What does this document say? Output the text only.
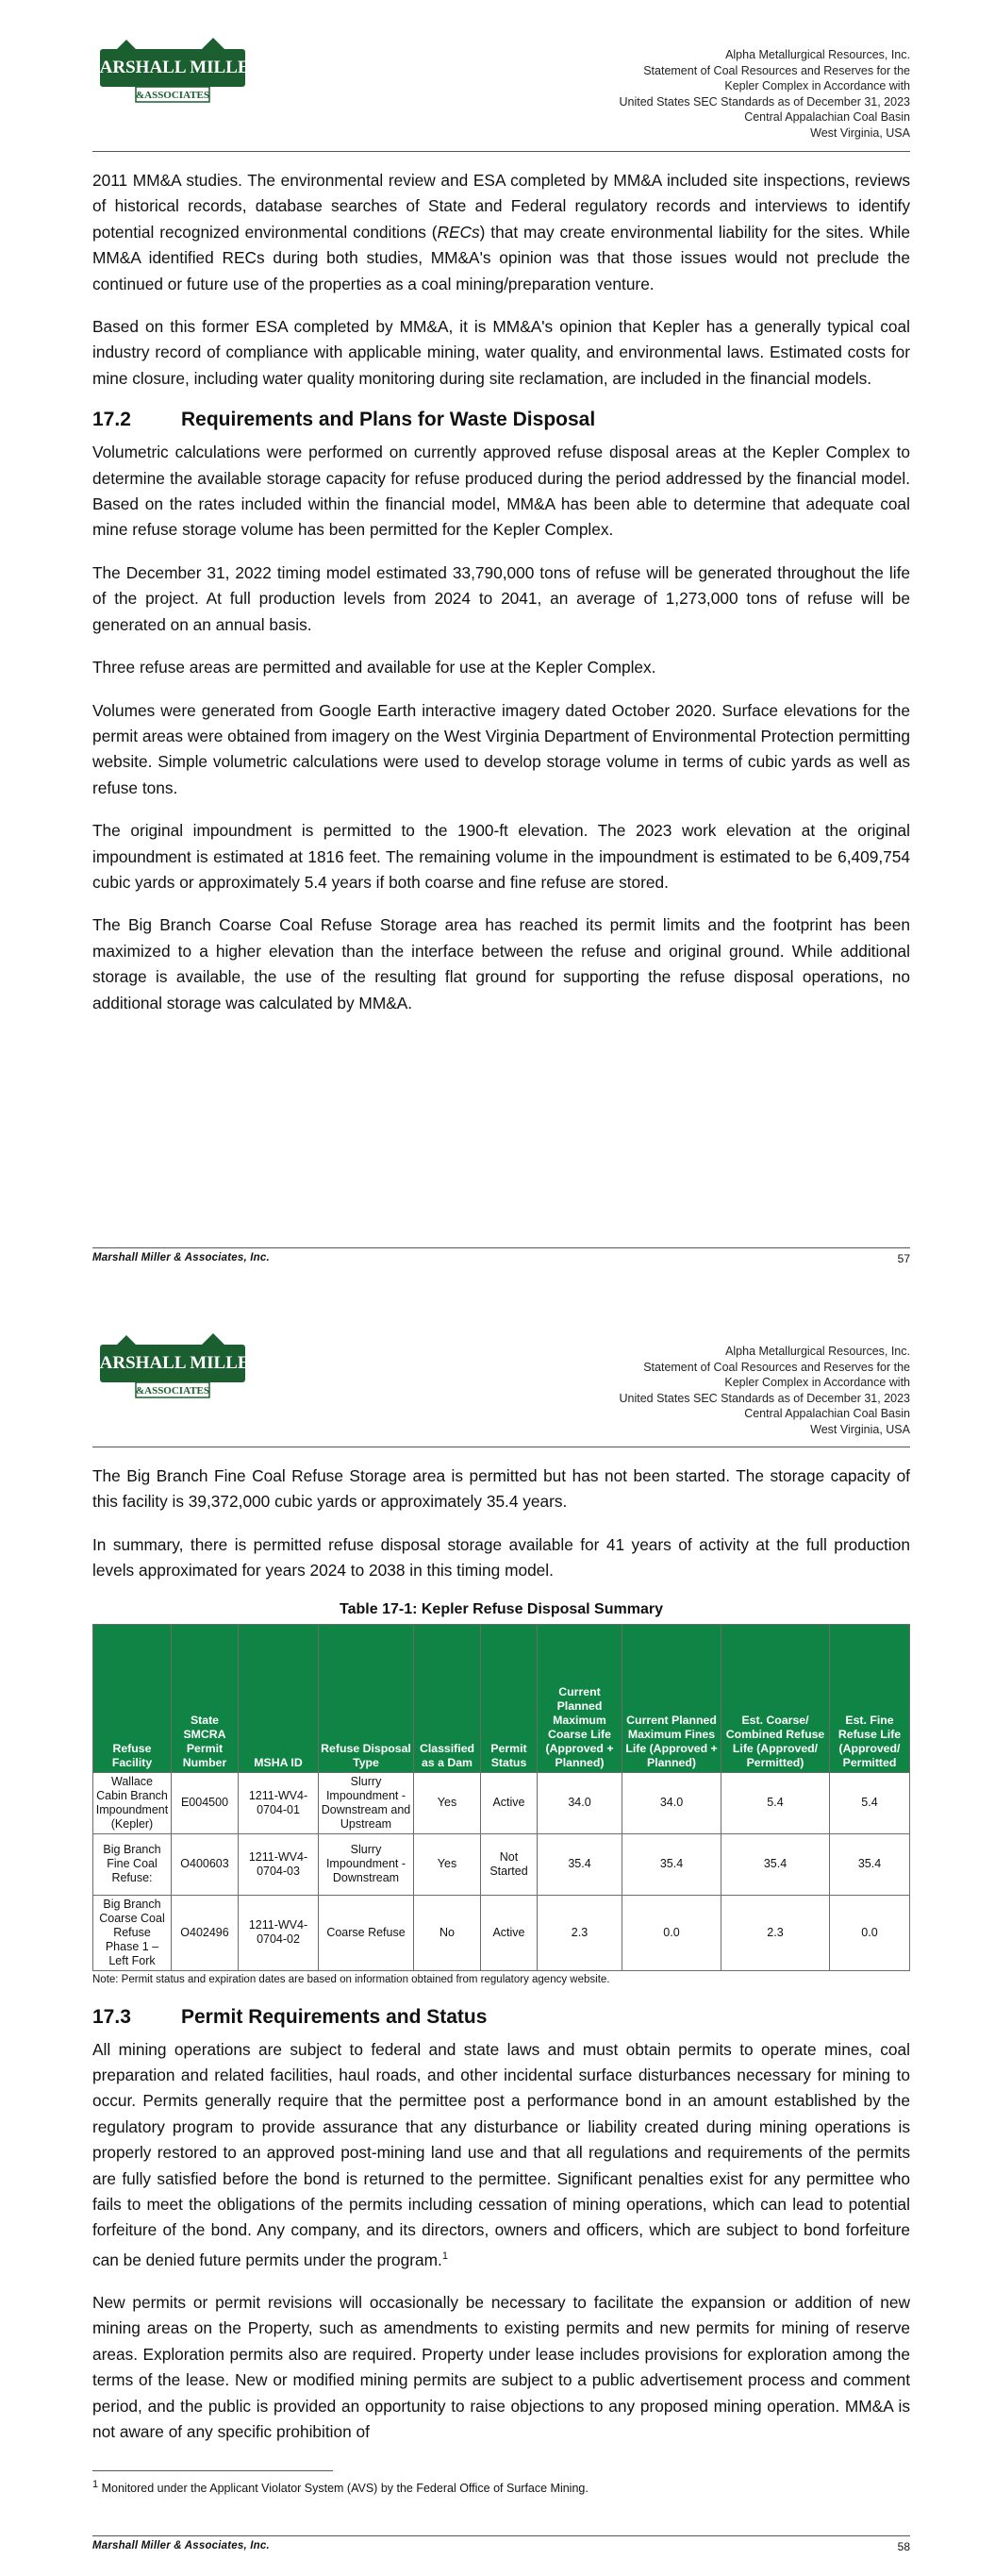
MARSHALL MILLER
&ASSOCIATES
Alpha Metallurgical Resources, Inc.
Statement of Coal Resources and Reserves for the
Kepler Complex in Accordance with
United States SEC Standards as of December 31, 2023
Central Appalachian Coal Basin
West Virginia, USA

2011 MM&A studies. The environmental review and ESA completed by MM&A included site inspections, reviews of historical records, database searches of State and Federal regulatory records and interviews to identify potential recognized environmental conditions (RECs) that may create environmental liability for the sites. While MM&A identified RECs during both studies, MM&A's opinion was that those issues would not preclude the continued or future use of the properties as a coal mining/preparation venture.

Based on this former ESA completed by MM&A, it is MM&A's opinion that Kepler has a generally typical coal industry record of compliance with applicable mining, water quality, and environmental laws. Estimated costs for mine closure, including water quality monitoring during site reclamation, are included in the financial models.

17.2	Requirements and Plans for Waste Disposal

Volumetric calculations were performed on currently approved refuse disposal areas at the Kepler Complex to determine the available storage capacity for refuse produced during the period addressed by the financial model. Based on the rates included within the financial model, MM&A has been able to determine that adequate coal mine refuse storage volume has been permitted for the Kepler Complex.

The December 31, 2022 timing model estimated 33,790,000 tons of refuse will be generated throughout the life of the project. At full production levels from 2024 to 2041, an average of 1,273,000 tons of refuse will be generated on an annual basis.

Three refuse areas are permitted and available for use at the Kepler Complex.

Volumes were generated from Google Earth interactive imagery dated October 2020. Surface elevations for the permit areas were obtained from imagery on the West Virginia Department of Environmental Protection permitting website. Simple volumetric calculations were used to develop storage volume in terms of cubic yards as well as refuse tons.

The original impoundment is permitted to the 1900-ft elevation. The 2023 work elevation at the original impoundment is estimated at 1816 feet. The remaining volume in the impoundment is estimated to be 6,409,754 cubic yards or approximately 5.4 years if both coarse and fine refuse are stored.

The Big Branch Coarse Coal Refuse Storage area has reached its permit limits and the footprint has been maximized to a higher elevation than the interface between the refuse and original ground. While additional storage is available, the use of the resulting flat ground for supporting the refuse disposal operations, no additional storage was calculated by MM&A.

Marshall Miller & Associates, Inc.	57
MARSHALL MILLER
&ASSOCIATES
Alpha Metallurgical Resources, Inc.
Statement of Coal Resources and Reserves for the
Kepler Complex in Accordance with
United States SEC Standards as of December 31, 2023
Central Appalachian Coal Basin
West Virginia, USA

The Big Branch Fine Coal Refuse Storage area is permitted but has not been started. The storage capacity of this facility is 39,372,000 cubic yards or approximately 35.4 years.

In summary, there is permitted refuse disposal storage available for 41 years of activity at the full production levels approximated for years 2024 to 2038 in this timing model.

Table 17-1: Kepler Refuse Disposal Summary
Refuse Facility	State SMCRA Permit Number	MSHA ID	Refuse Disposal Type	Classified as a Dam	Permit Status	Current Planned Maximum Coarse Life (Approved + Planned)	Current Planned Maximum Fines Life (Approved + Planned)	Est. Coarse/ Combined Refuse Life (Approved/ Permitted)	Est. Fine Refuse Life (Approved/ Permitted
Wallace Cabin Branch Impoundment (Kepler)	E004500	1211-WV4-0704-01	Slurry Impoundment - Downstream and Upstream	Yes	Active	34.0	34.0	5.4	5.4
Big Branch Fine Coal Refuse:	O400603	1211-WV4-0704-03	Slurry Impoundment - Downstream	Yes	Not Started	35.4	35.4	35.4	35.4
Big Branch Coarse Coal Refuse Phase 1 – Left Fork	O402496	1211-WV4-0704-02	Coarse Refuse	No	Active	2.3	0.0	2.3	0.0
Note: Permit status and expiration dates are based on information obtained from regulatory agency website.
17.3	Permit Requirements and Status

All mining operations are subject to federal and state laws and must obtain permits to operate mines, coal preparation and related facilities, haul roads, and other incidental surface disturbances necessary for mining to occur. Permits generally require that the permittee post a performance bond in an amount established by the regulatory program to provide assurance that any disturbance or liability created during mining operations is properly restored to an approved post-mining land use and that all regulations and requirements of the permits are fully satisfied before the bond is returned to the permittee. Significant penalties exist for any permittee who fails to meet the obligations of the permits including cessation of mining operations, which can lead to potential forfeiture of the bond. Any company, and its directors, owners and officers, which are subject to bond forfeiture can be denied future permits under the program.$^1$

New permits or permit revisions will occasionally be necessary to facilitate the expansion or addition of new mining areas on the Property, such as amendments to existing permits and new permits for mining of reserve areas. Exploration permits also are required. Property under lease includes provisions for exploration among the terms of the lease. New or modified mining permits are subject to a public advertisement process and comment period, and the public is provided an opportunity to raise objections to any proposed mining operation. MM&A is not aware of any specific prohibition of

$^1$ Monitored under the Applicant Violator System (AVS) by the Federal Office of Surface Mining.
Marshall Miller & Associates, Inc.	58
